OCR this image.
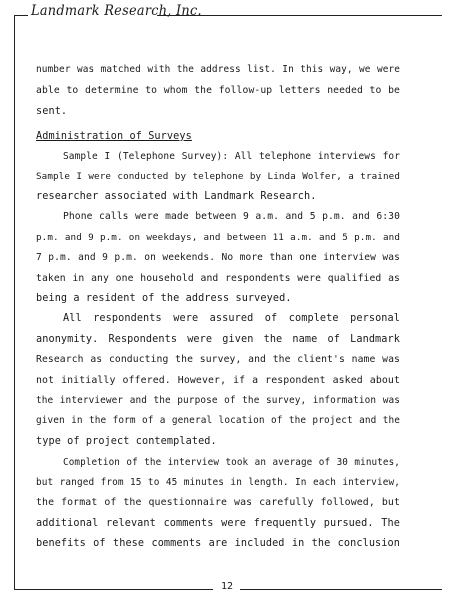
Landmark Research, Inc.
number was matched with the address list. In this way, we were
able to determine to whom the follow-up letters needed to be
sent.
Administration of Surveys
Sample I (Telephone Survey): All telephone interviews for
Sample I were conducted by telephone by Linda Wolfer, a trained
researcher associated with Landmark Research.
Phone calls were made between 9 a.m. and 5 p.m. and 6:30
p.m. and 9 p.m. on weekdays, and between 11 a.m. and 5 p.m. and
7 p.m. and 9 p.m. on weekends. No more than one interview was
taken in any one household and respondents were qualified as
being a resident of the address surveyed.
All respondents were assured of complete personal
anonymity. Respondents were given the name of Landmark
Research as conducting the survey, and the client's name was
not initially offered. However, if a respondent asked about
the interviewer and the purpose of the survey, information was
given in the form of a general location of the project and the
type of project contemplated.
Completion of the interview took an average of 30 minutes,
but ranged from 15 to 45 minutes in length. In each interview,
the format of the questionnaire was carefully followed, but
additional relevant comments were frequently pursued. The
benefits of these comments are included in the conclusion
12
